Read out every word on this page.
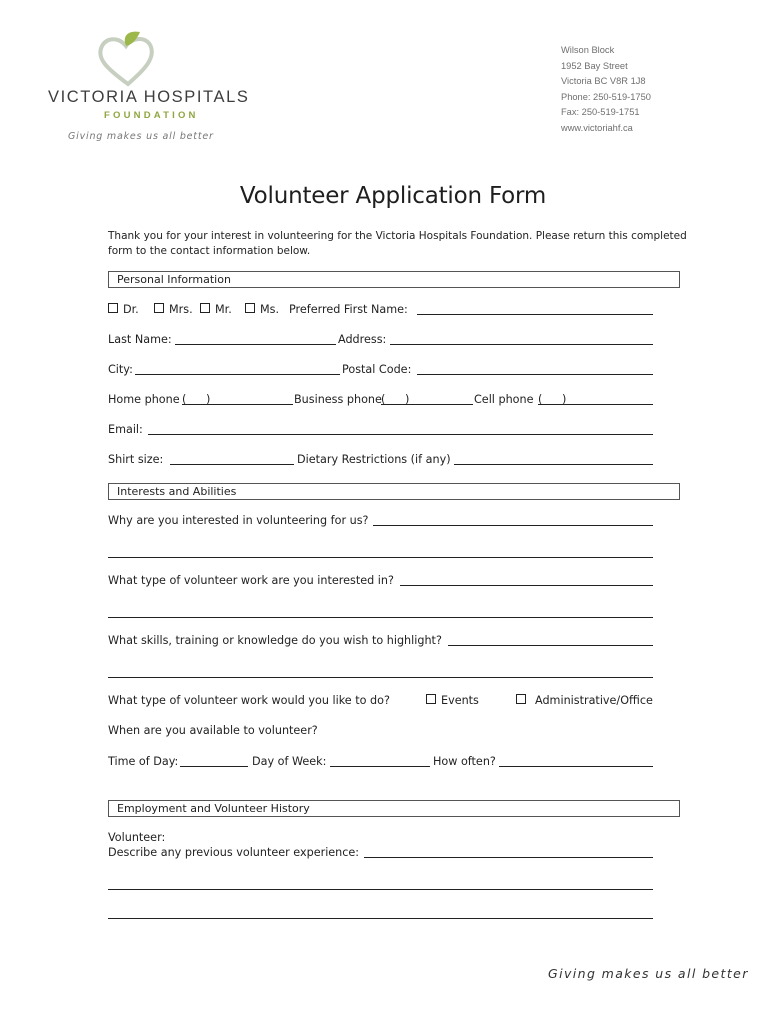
VICTORIA HOSPITALS
FOUNDATION
Giving makes us all better
Wilson Block
1952 Bay Street
Victoria BC V8R 1J8
Phone: 250-519-1750
Fax: 250-519-1751
www.victoriahf.ca
Volunteer Application Form
Thank you for your interest in volunteering for the Victoria Hospitals Foundation. Please return this completed form to the contact information below.
Personal Information
Dr.	Mrs.	Mr.	Ms. Preferred First Name:
Last Name:	Address:
City:	Postal Code:
Home phone ( )	Business phone ( )	Cell phone ( )
Email:
Shirt size:	Dietary Restrictions (if any)
Interests and Abilities
Why are you interested in volunteering for us?
What type of volunteer work are you interested in?
What skills, training or knowledge do you wish to highlight?
What type of volunteer work would you like to do?	Events	Administrative/Office
When are you available to volunteer?
Time of Day:	Day of Week:	How often?
Employment and Volunteer History
Volunteer:
Describe any previous volunteer experience:
Giving makes us all better
